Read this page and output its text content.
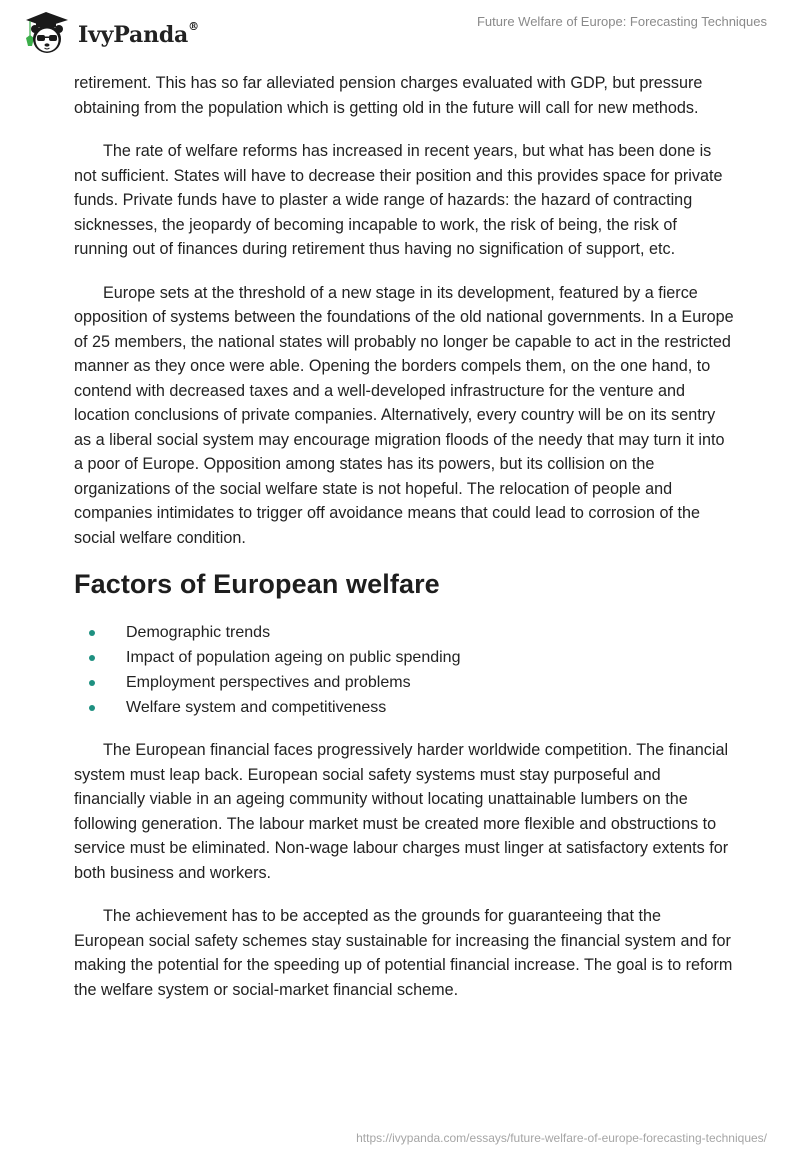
IvyPanda®	Future Welfare of Europe: Forecasting Techniques

retirement. This has so far alleviated pension charges evaluated with GDP, but pressure obtaining from the population which is getting old in the future will call for new methods.

The rate of welfare reforms has increased in recent years, but what has been done is not sufficient. States will have to decrease their position and this provides space for private funds. Private funds have to plaster a wide range of hazards: the hazard of contracting sicknesses, the jeopardy of becoming incapable to work, the risk of being, the risk of running out of finances during retirement thus having no signification of support, etc.

Europe sets at the threshold of a new stage in its development, featured by a fierce opposition of systems between the foundations of the old national governments. In a Europe of 25 members, the national states will probably no longer be capable to act in the restricted manner as they once were able. Opening the borders compels them, on the one hand, to contend with decreased taxes and a well-developed infrastructure for the venture and location conclusions of private companies. Alternatively, every country will be on its sentry as a liberal social system may encourage migration floods of the needy that may turn it into a poor of Europe. Opposition among states has its powers, but its collision on the organizations of the social welfare state is not hopeful. The relocation of people and companies intimidates to trigger off avoidance means that could lead to corrosion of the social welfare condition.

Factors of European welfare
Demographic trends
Impact of population ageing on public spending
Employment perspectives and problems
Welfare system and competitiveness

The European financial faces progressively harder worldwide competition. The financial system must leap back. European social safety systems must stay purposeful and financially viable in an ageing community without locating unattainable lumbers on the following generation. The labour market must be created more flexible and obstructions to service must be eliminated. Non-wage labour charges must linger at satisfactory extents for both business and workers.

The achievement has to be accepted as the grounds for guaranteeing that the European social safety schemes stay sustainable for increasing the financial system and for making the potential for the speeding up of potential financial increase. The goal is to reform the welfare system or social-market financial scheme.

https://ivypanda.com/essays/future-welfare-of-europe-forecasting-techniques/
